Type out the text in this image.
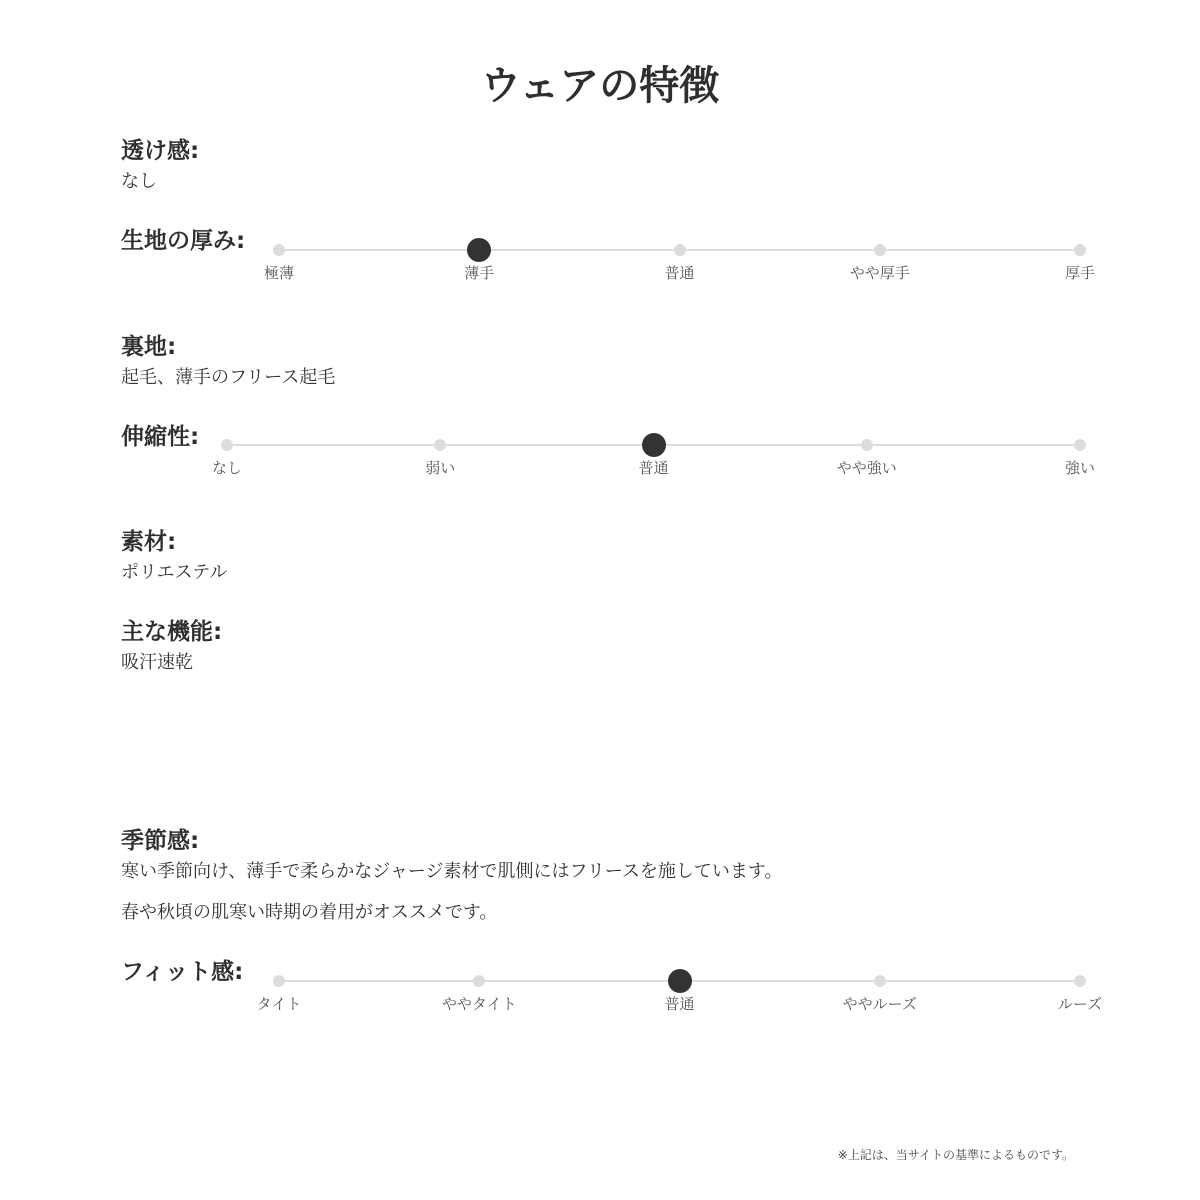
ウェアの特徴
透け感:
なし
生地の厚み:
極薄	薄手	普通	やや厚手	厚手
裏地:
起毛、薄手のフリース起毛
伸縮性:
なし	弱い	普通	やや強い	強い
素材:
ポリエステル
主な機能:
吸汗速乾
季節感:
寒い季節向け、薄手で柔らかなジャージ素材で肌側にはフリースを施しています。
春や秋頃の肌寒い時期の着用がオススメです。
フィット感:
タイト	ややタイト	普通	ややルーズ	ルーズ
※上記は、当サイトの基準によるものです。
